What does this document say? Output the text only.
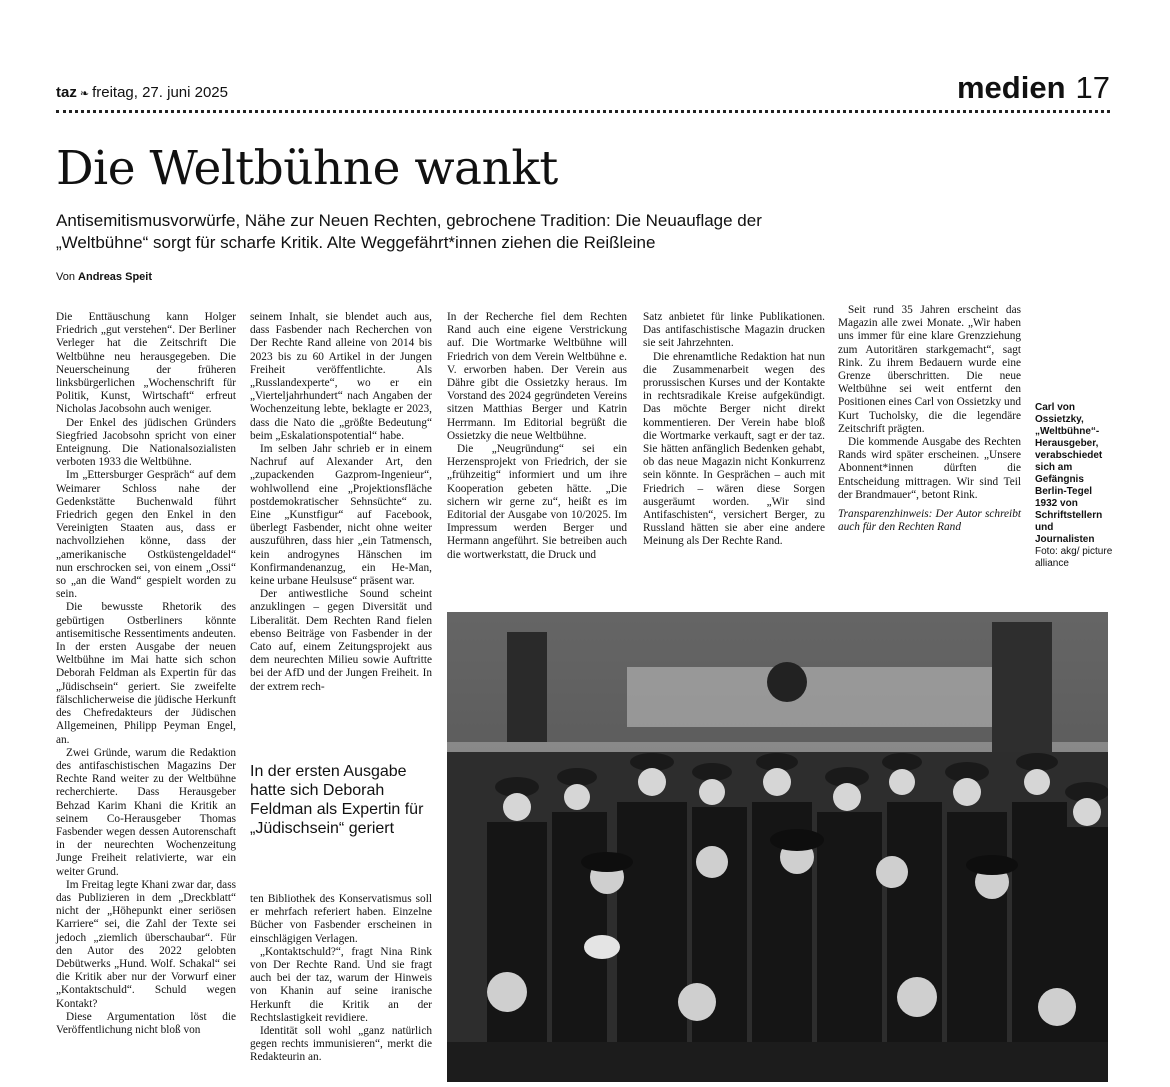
taz ❧ freitag, 27. juni 2025	medien 17
Die Weltbühne wankt

Antisemitismusvorwürfe, Nähe zur Neuen Rechten, gebrochene Tradition: Die Neuauflage der „Weltbühne“ sorgt für scharfe Kritik. Alte Weggefährt*innen ziehen die Reißleine

Von Andreas Speit

Die Enttäuschung kann Holger Friedrich „gut verstehen“. Der Berliner Verleger hat die Zeitschrift Die Weltbühne neu herausgegeben. Die Neuerscheinung der früheren linksbürgerlichen „Wochenschrift für Politik, Kunst, Wirtschaft“ erfreut Nicholas Jacobsohn auch weniger.

Der Enkel des jüdischen Gründers Siegfried Jacobsohn spricht von einer Enteignung. Die Nationalsozialisten verboten 1933 die Weltbühne.

Im „Ettersburger Gespräch“ auf dem Weimarer Schloss nahe der Gedenkstätte Buchenwald führt Friedrich gegen den Enkel in den Vereinigten Staaten aus, dass er nachvollziehen könne, dass der „amerikanische Ostküstengeldadel“ nun erschrocken sei, von einem „Ossi“ so „an die Wand“ gespielt worden zu sein.

Die bewusste Rhetorik des gebürtigen Ostberliners könnte antisemitische Ressentiments andeuten. In der ersten Ausgabe der neuen Weltbühne im Mai hatte sich schon Deborah Feldman als Expertin für das „Jüdischsein“ geriert. Sie zweifelte fälschlicherweise die jüdische Herkunft des Chefredakteurs der Jüdischen Allgemeinen, Philipp Peyman Engel, an.

Zwei Gründe, warum die Redaktion des antifaschistischen Magazins Der Rechte Rand weiter zu der Weltbühne recherchierte. Dass Herausgeber Behzad Karim Khani die Kritik an seinem Co-Herausgeber Thomas Fasbender wegen dessen Autorenschaft in der neurechten Wochenzeitung Junge Freiheit relativierte, war ein weiter Grund.

Im Freitag legte Khani zwar dar, dass das Publizieren in dem „Dreckblatt“ nicht der „Höhepunkt einer seriösen Karriere“ sei, die Zahl der Texte sei jedoch „ziemlich überschaubar“. Für den Autor des 2022 gelobten Debütwerks „Hund. Wolf. Schakal“ sei die Kritik aber nur der Vorwurf einer „Kontaktschuld“. Schuld wegen Kontakt?

Diese Argumentation löst die Veröffentlichung nicht bloß von

seinem Inhalt, sie blendet auch aus, dass Fasbender nach Recherchen von Der Rechte Rand alleine von 2014 bis 2023 bis zu 60 Artikel in der Jungen Freiheit veröffentlichte. Als „Russlandexperte“, wo er ein „Vierteljahrhundert“ nach Angaben der Wochenzeitung lebte, beklagte er 2023, dass die Nato die „größte Bedeutung“ beim „Eskalationspotential“ habe.

Im selben Jahr schrieb er in einem Nachruf auf Alexander Art, den „zupackenden Gazprom-Ingenieur“, wohlwollend eine „Projektionsfläche postdemokratischer Sehnsüchte“ zu. Eine „Kunstfigur“ auf Facebook, überlegt Fasbender, nicht ohne weiter auszuführen, dass hier „ein Tatmensch, kein androgynes Hänschen im Konfirmandenanzug, ein He-Man, keine urbane Heulsuse“ präsent war.

Der antiwestliche Sound scheint anzuklingen – gegen Diversität und Liberalität. Dem Rechten Rand fielen ebenso Beiträge von Fasbender in der Cato auf, einem Zeitungsprojekt aus dem neurechten Milieu sowie Auftritte bei der AfD und der Jungen Freiheit. In der extrem rech-

In der ersten Ausgabe hatte sich Deborah Feldman als Expertin für „Jüdischsein“ geriert

ten Bibliothek des Konservatismus soll er mehrfach referiert haben. Einzelne Bücher von Fasbender erscheinen in einschlägigen Verlagen.

„Kontaktschuld?“, fragt Nina Rink von Der Rechte Rand. Und sie fragt auch bei der taz, warum der Hinweis von Khanin auf seine iranische Herkunft die Kritik an der Rechtslastigkeit revidiere.

Identität soll wohl „ganz natürlich gegen rechts immunisieren“, merkt die Redakteurin an.

In der Recherche fiel dem Rechten Rand auch eine eigene Verstrickung auf. Die Wortmarke Weltbühne will Friedrich von dem Verein Weltbühne e. V. erworben haben. Der Verein aus Dähre gibt die Ossietzky heraus. Im Vorstand des 2024 gegründeten Vereins sitzen Matthias Berger und Katrin Herrmann. Im Editorial begrüßt die Ossietzky die neue Weltbühne.

Die „Neugründung“ sei ein Herzensprojekt von Friedrich, der sie „frühzeitig“ informiert und um ihre Kooperation gebeten hätte. „Die sichern wir gerne zu“, heißt es im Editorial der Ausgabe von 10/2025. Im Impressum werden Berger und Hermann angeführt. Sie betreiben auch die wortwerkstatt, die Druck und

Satz anbietet für linke Publikationen. Das antifaschistische Magazin drucken sie seit Jahrzehnten.

Die ehrenamtliche Redaktion hat nun die Zusammenarbeit wegen des prorussischen Kurses und der Kontakte in rechtsradikale Kreise aufgekündigt. Das möchte Berger nicht direkt kommentieren. Der Verein habe bloß die Wortmarke verkauft, sagt er der taz. Sie hätten anfänglich Bedenken gehabt, ob das neue Magazin nicht Konkurrenz sein könnte. In Gesprächen – auch mit Friedrich – wären diese Sorgen ausgeräumt worden. „Wir sind Antifaschisten“, versichert Berger, zu Russland hätten sie aber eine andere Meinung als Der Rechte Rand.

Seit rund 35 Jahren erscheint das Magazin alle zwei Monate. „Wir haben uns immer für eine klare Grenzziehung zum Autoritären starkgemacht“, sagt Rink. Zu ihrem Bedauern wurde eine Grenze überschritten. Die neue Weltbühne sei weit entfernt den Positionen eines Carl von Ossietzky und Kurt Tucholsky, die die legendäre Zeitschrift prägten.

Die kommende Ausgabe des Rechten Rands wird später erscheinen. „Unsere Abonnent*innen dürften die Entscheidung mittragen. Wir sind Teil der Brandmauer“, betont Rink.

Transparenzhinweis: Der Autor schreibt auch für den Rechten Rand

Carl von Ossietzky, „Weltbühne“-Herausgeber, verabschiedet sich am Gefängnis Berlin-Tegel 1932 von Schriftstellern und Journalisten Foto: akg/ picture alliance
